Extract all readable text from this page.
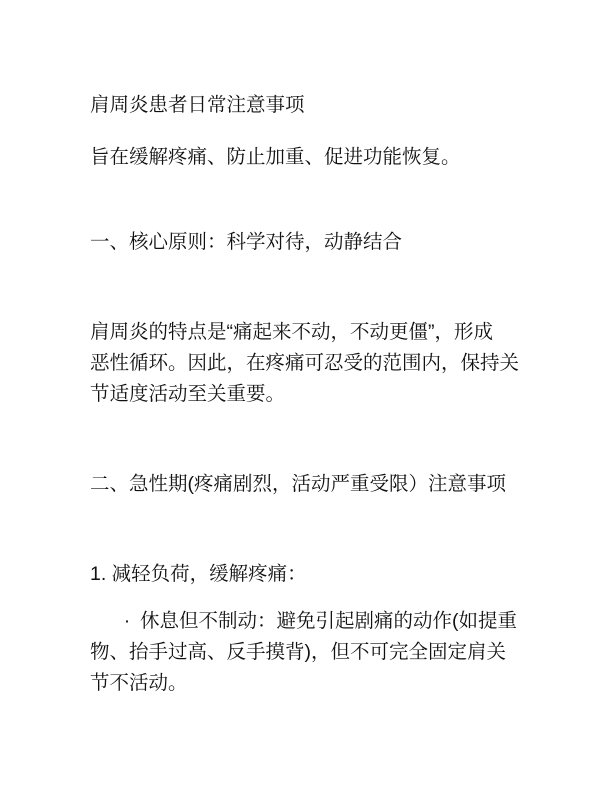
肩周炎患者日常注意事项
旨在缓解疼痛、防止加重、促进功能恢复。
一、核心原则：科学对待，动静结合
肩周炎的特点是“痛起来不动，不动更僵”，形成
恶性循环。因此，在疼痛可忍受的范围内，保持关
节适度活动至关重要。
二、急性期(疼痛剧烈，活动严重受限）注意事项
1. 减轻负荷，缓解疼痛：
· 休息但不制动：避免引起剧痛的动作(如提重
物、抬手过高、反手摸背)，但不可完全固定肩关
节不活动。
